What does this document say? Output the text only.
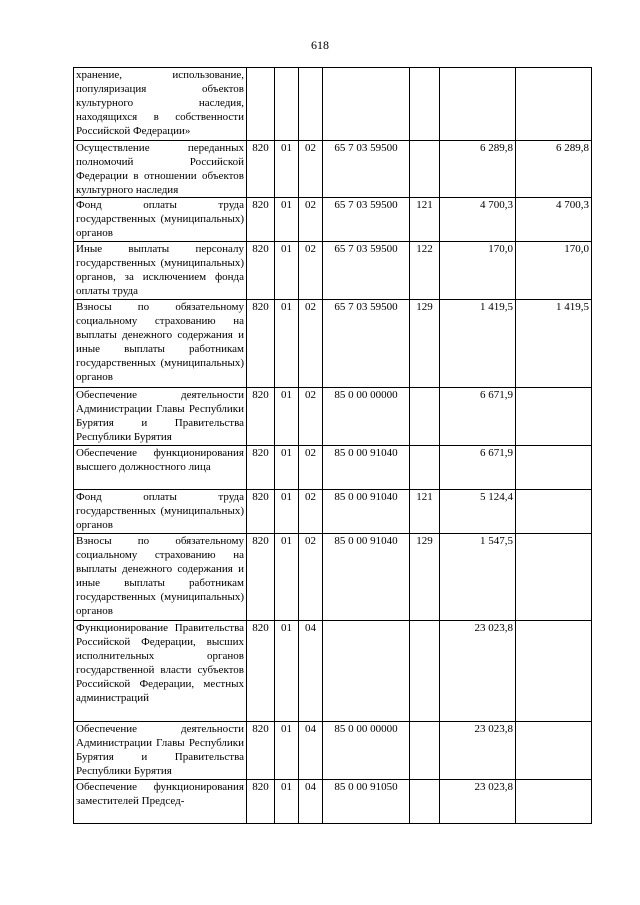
618
хранение, использование, популяризация объектов культурного наследия, находящихся в собственности Российской Федерации»							
Осуществление переданных полномочий Российской Федерации в отношении объектов культурного наследия	820	01	02	65 7 03 59500		6 289,8	6 289,8
Фонд оплаты труда государственных (муниципальных) органов	820	01	02	65 7 03 59500	121	4 700,3	4 700,3
Иные выплаты персоналу государственных (муниципальных) органов, за исключением фонда оплаты труда	820	01	02	65 7 03 59500	122	170,0	170,0
Взносы по обязательному социальному страхованию на выплаты денежного содержания и иные выплаты работникам государственных (муниципальных) органов	820	01	02	65 7 03 59500	129	1 419,5	1 419,5
Обеспечение деятельности Администрации Главы Республики Бурятия и Правительства Республики Бурятия	820	01	02	85 0 00 00000		6 671,9	
Обеспечение функционирования высшего должностного лица	820	01	02	85 0 00 91040		6 671,9	
Фонд оплаты труда государственных (муниципальных) органов	820	01	02	85 0 00 91040	121	5 124,4	
Взносы по обязательному социальному страхованию на выплаты денежного содержания и иные выплаты работникам государственных (муниципальных) органов	820	01	02	85 0 00 91040	129	1 547,5	
Функционирование Правительства Российской Федерации, высших исполнительных органов государственной власти субъектов Российской Федерации, местных администраций	820	01	04			23 023,8	
Обеспечение деятельности Администрации Главы Республики Бурятия и Правительства Республики Бурятия	820	01	04	85 0 00 00000		23 023,8	
Обеспечение функционирования заместителей Председ-	820	01	04	85 0 00 91050		23 023,8	
